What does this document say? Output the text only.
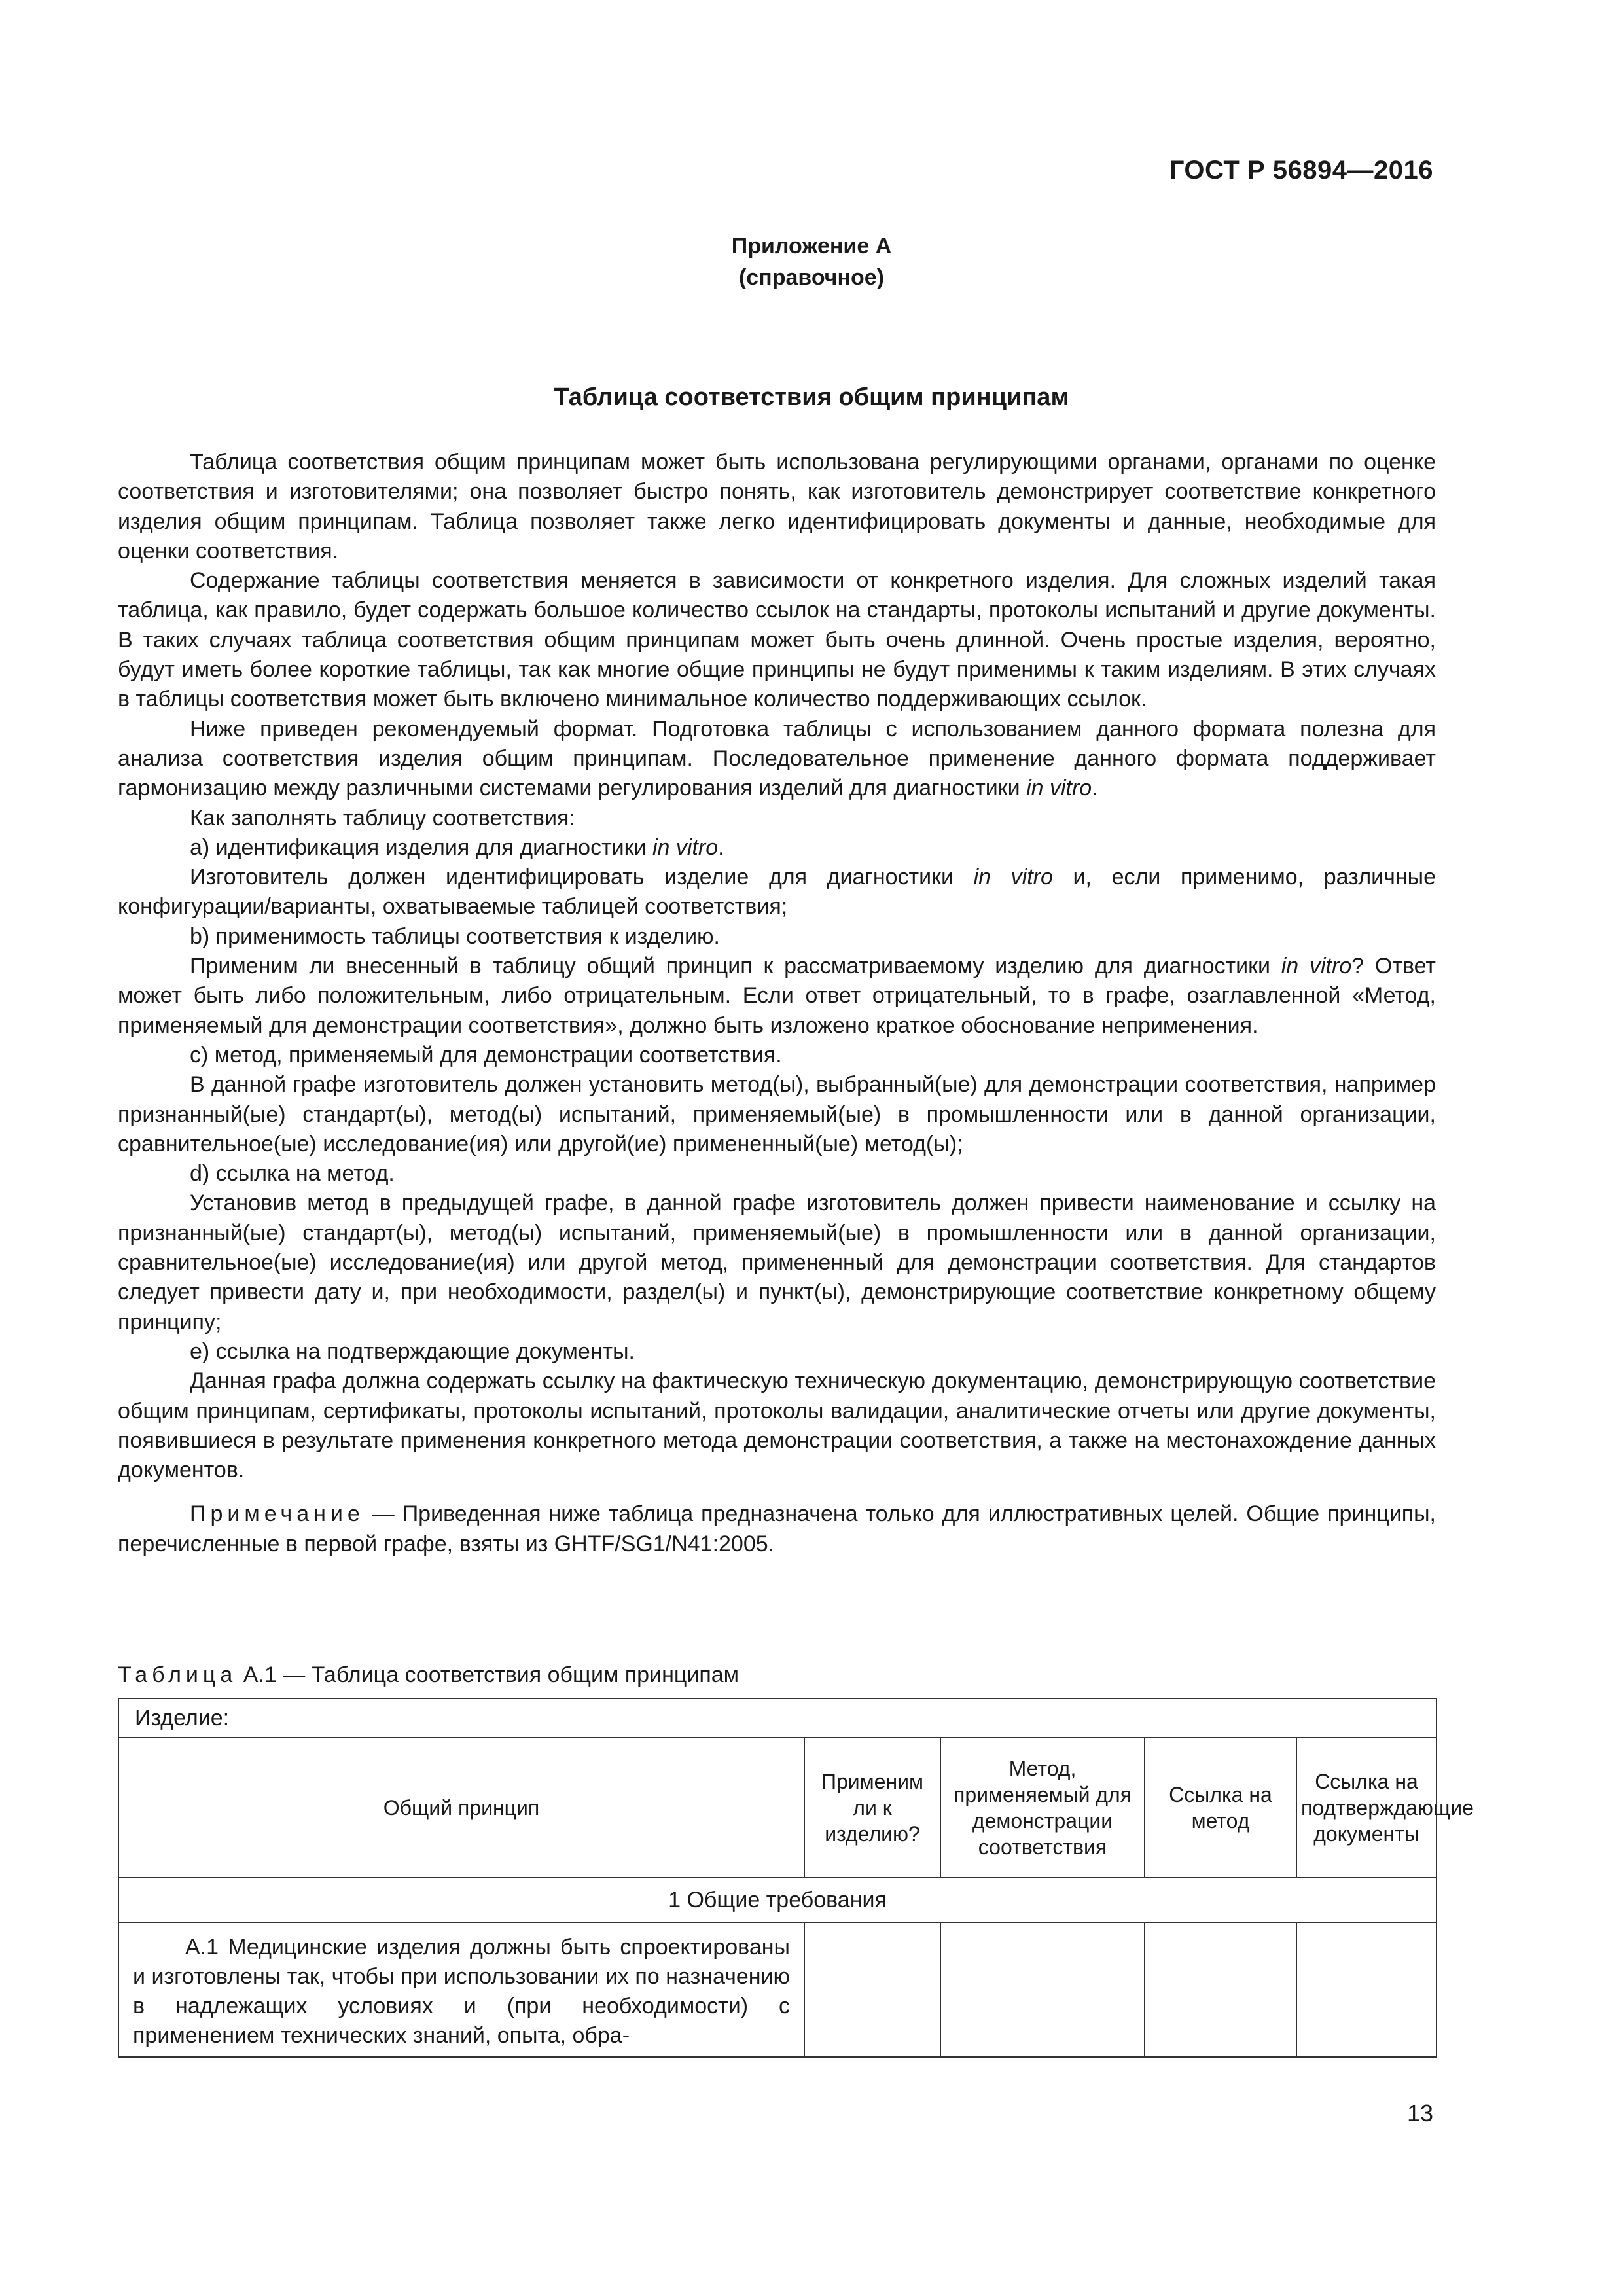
ГОСТ Р 56894—2016
Приложение А
(справочное)
Таблица соответствия общим принципам

Таблица соответствия общим принципам может быть использована регулирующими органами, органами по оценке соответствия и изготовителями; она позволяет быстро понять, как изготовитель демонстрирует соответствие конкретного изделия общим принципам. Таблица позволяет также легко идентифицировать документы и данные, необходимые для оценки соответствия.

Содержание таблицы соответствия меняется в зависимости от конкретного изделия. Для сложных изделий такая таблица, как правило, будет содержать большое количество ссылок на стандарты, протоколы испытаний и другие документы. В таких случаях таблица соответствия общим принципам может быть очень длинной. Очень простые изделия, вероятно, будут иметь более короткие таблицы, так как многие общие принципы не будут применимы к таким изделиям. В этих случаях в таблицы соответствия может быть включено минимальное количество поддерживающих ссылок.

Ниже приведен рекомендуемый формат. Подготовка таблицы с использованием данного формата полезна для анализа соответствия изделия общим принципам. Последовательное применение данного формата поддерживает гармонизацию между различными системами регулирования изделий для диагностики in vitro.

Как заполнять таблицу соответствия:

a) идентификация изделия для диагностики in vitro.

Изготовитель должен идентифицировать изделие для диагностики in vitro и, если применимо, различные конфигурации/варианты, охватываемые таблицей соответствия;

b) применимость таблицы соответствия к изделию.

Применим ли внесенный в таблицу общий принцип к рассматриваемому изделию для диагностики in vitro? Ответ может быть либо положительным, либо отрицательным. Если ответ отрицательный, то в графе, озаглавленной «Метод, применяемый для демонстрации соответствия», должно быть изложено краткое обоснование неприменения.

c) метод, применяемый для демонстрации соответствия.

В данной графе изготовитель должен установить метод(ы), выбранный(ые) для демонстрации соответствия, например признанный(ые) стандарт(ы), метод(ы) испытаний, применяемый(ые) в промышленности или в данной организации, сравнительное(ые) исследование(ия) или другой(ие) примененный(ые) метод(ы);

d) ссылка на метод.

Установив метод в предыдущей графе, в данной графе изготовитель должен привести наименование и ссылку на признанный(ые) стандарт(ы), метод(ы) испытаний, применяемый(ые) в промышленности или в данной организации, сравнительное(ые) исследование(ия) или другой метод, примененный для демонстрации соответствия. Для стандартов следует привести дату и, при необходимости, раздел(ы) и пункт(ы), демонстрирующие соответствие конкретному общему принципу;

e) ссылка на подтверждающие документы.

Данная графа должна содержать ссылку на фактическую техническую документацию, демонстрирующую соответствие общим принципам, сертификаты, протоколы испытаний, протоколы валидации, аналитические отчеты или другие документы, появившиеся в результате применения конкретного метода демонстрации соответствия, а также на местонахождение данных документов.

Примечание — Приведенная ниже таблица предназначена только для иллюстративных целей. Общие принципы, перечисленные в первой графе, взяты из GHTF/SG1/N41:2005.

Таблица А.1 — Таблица соответствия общим принципам
Изделие:				
Общий принцип	Применим ли к изделию?	Метод, применяемый для демонстрации соответствия	Ссылка на метод	Ссылка на подтверждающие документы
1 Общие требования				

А.1 Медицинские изделия должны быть спроектированы и изготовлены так, чтобы при использовании их по назначению в надлежащих условиях и (при необходимости) с применением технических знаний, опыта, обра-				

13
